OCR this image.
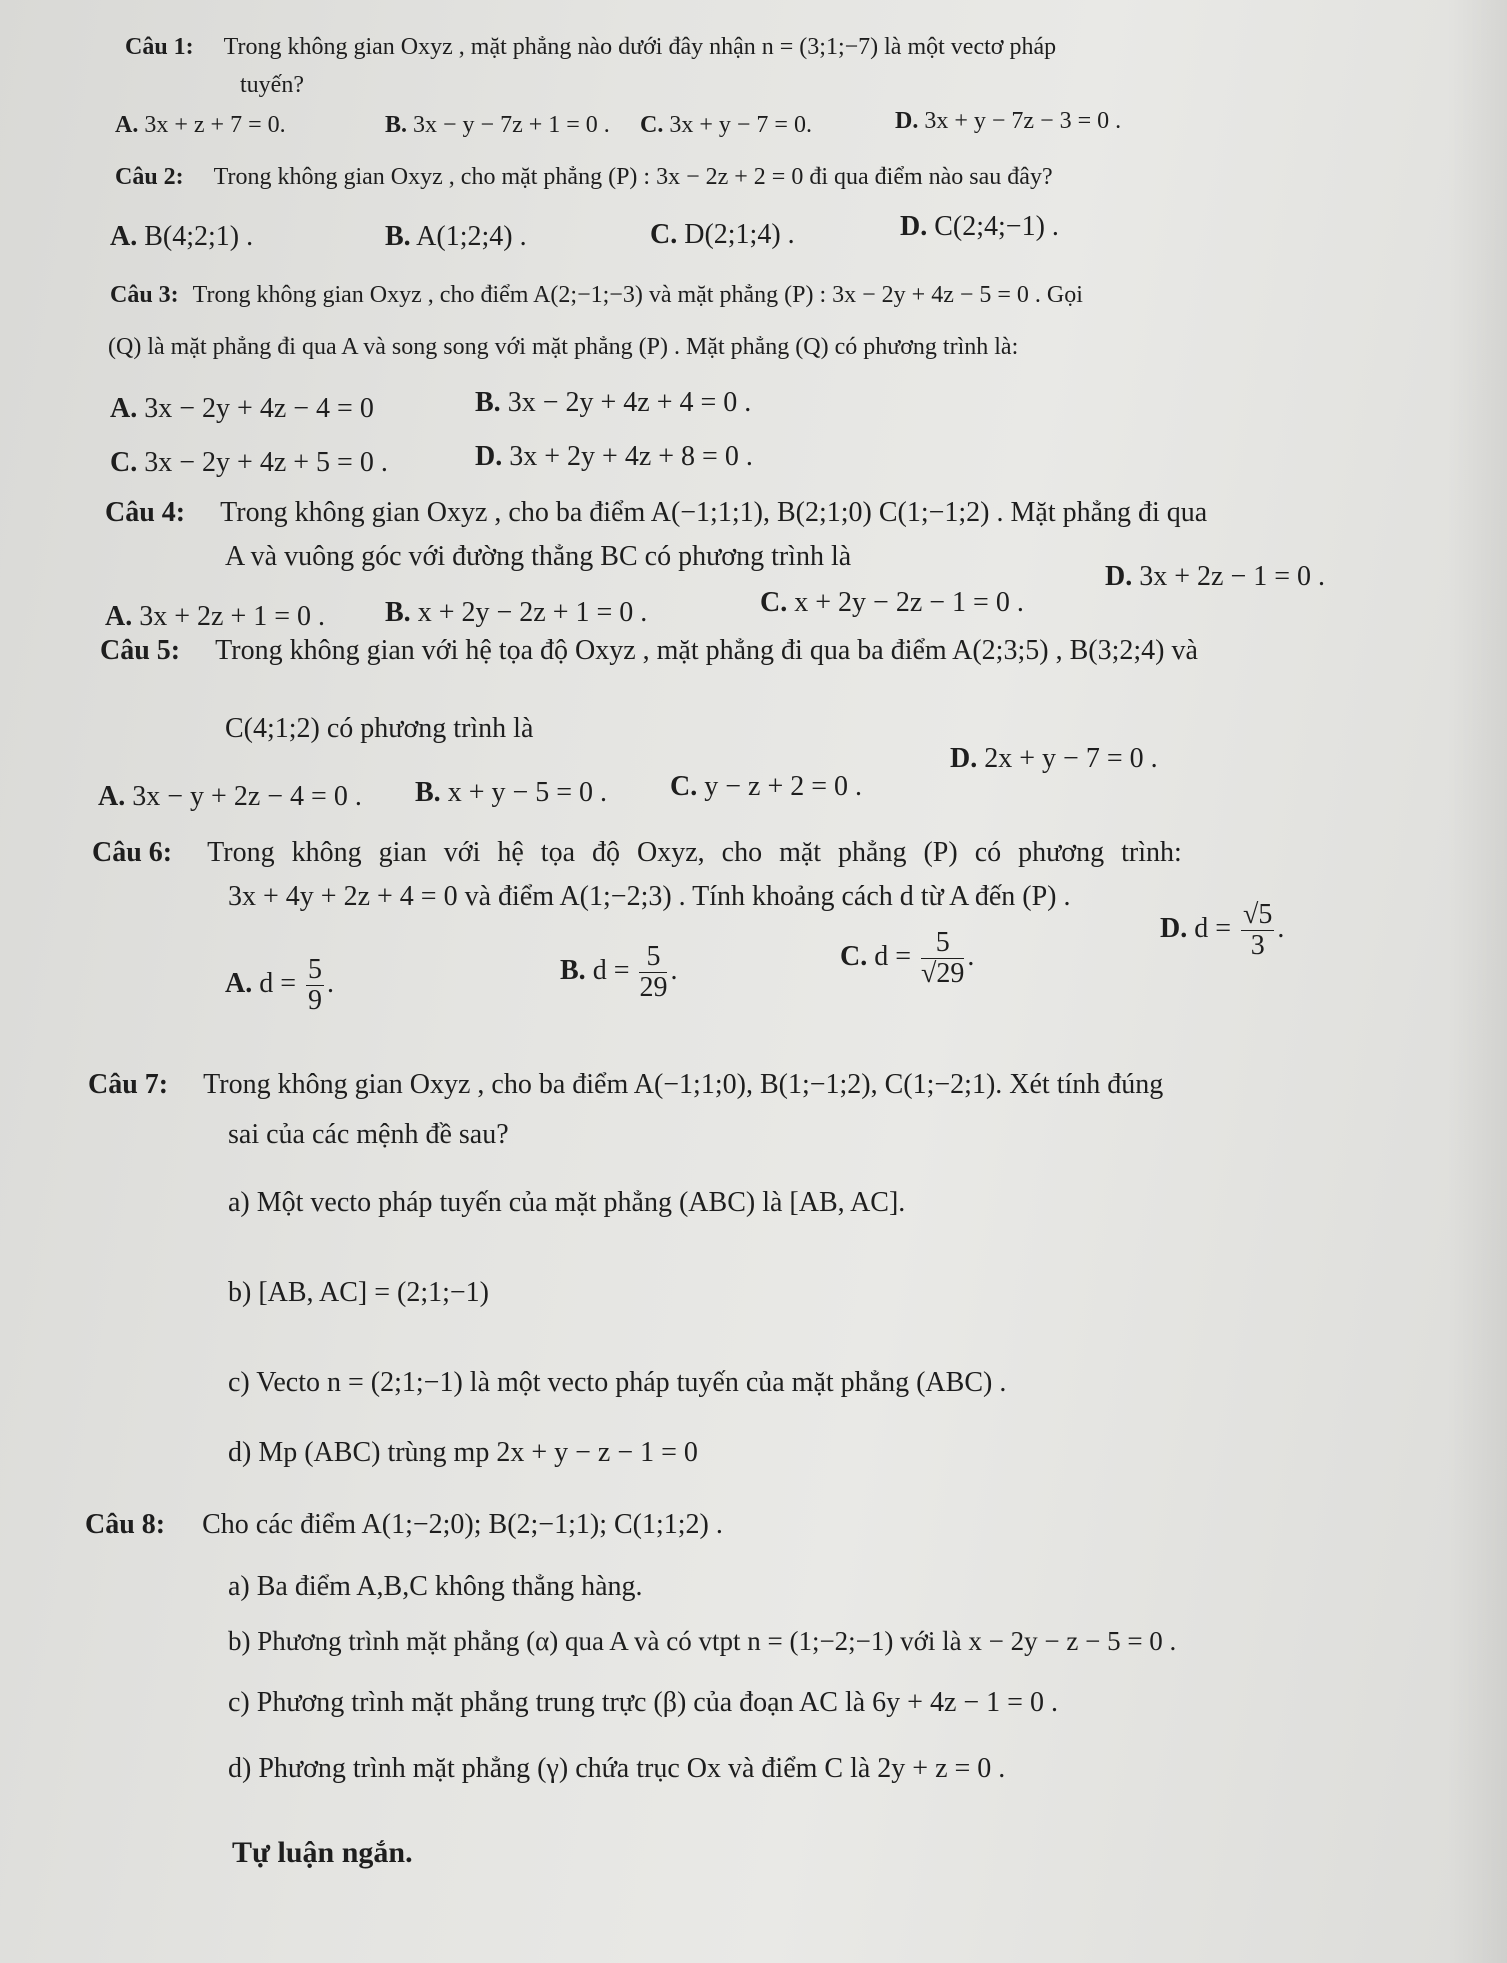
Câu 1: Trong không gian Oxyz , mặt phẳng nào dưới đây nhận n = (3;1;−7) là một vectơ pháp
tuyến?
A. 3x + z + 7 = 0.	B. 3x − y − 7z + 1 = 0 . C. 3x + y − 7 = 0.	D. 3x + y − 7z − 3 = 0 .
Câu 2: Trong không gian Oxyz , cho mặt phẳng (P) : 3x − 2z + 2 = 0 đi qua điểm nào sau đây?
A. B(4;2;1) .	B. A(1;2;4) .	C. D(2;1;4) .	D. C(2;4;−1) .
Câu 3: Trong không gian Oxyz , cho điểm A(2;−1;−3) và mặt phẳng (P) : 3x − 2y + 4z − 5 = 0 . Gọi
(Q) là mặt phẳng đi qua A và song song với mặt phẳng (P) . Mặt phẳng (Q) có phương trình là:
A. 3x − 2y + 4z − 4 = 0	B. 3x − 2y + 4z + 4 = 0 .
C. 3x − 2y + 4z + 5 = 0 .	D. 3x + 2y + 4z + 8 = 0 .
Câu 4: Trong không gian Oxyz , cho ba điểm A(−1;1;1), B(2;1;0) C(1;−1;2) . Mặt phẳng đi qua
A và vuông góc với đường thẳng BC có phương trình là
A. 3x + 2z + 1 = 0 . B. x + 2y − 2z + 1 = 0 .	C. x + 2y − 2z − 1 = 0 .
D. 3x + 2z − 1 = 0 .
Câu 5: Trong không gian với hệ tọa độ Oxyz , mặt phẳng đi qua ba điểm A(2;3;5) , B(3;2;4) và
C(4;1;2) có phương trình là
A. 3x − y + 2z − 4 = 0 . B. x + y − 5 = 0 . C. y − z + 2 = 0 .
D. 2x + y − 7 = 0 .
Câu 6: Trong không gian với hệ tọa độ Oxyz, cho mặt phẳng (P) có phương trình:
3x + 4y + 2z + 4 = 0 và điểm A(1;−2;3) . Tính khoảng cách d từ A đến (P) .
A. $d = \frac{5}{9}$ .	B. $d = \frac{5}{29}$ .	C. $d = \frac{5}{√29}$ .
D. $d = \frac{√5}{3}$ .
Câu 7: Trong không gian Oxyz , cho ba điểm A(−1;1;0), B(1;−1;2), C(1;−2;1). Xét tính đúng
sai của các mệnh đề sau?
a) Một vecto pháp tuyến của mặt phẳng (ABC) là [AB, AC].
b) [AB, AC] = (2;1;−1)
c) Vecto n = (2;1;−1) là một vecto pháp tuyến của mặt phẳng (ABC) .
d) Mp (ABC) trùng mp 2x + y − z − 1 = 0
Câu 8: Cho các điểm A(1;−2;0); B(2;−1;1); C(1;1;2) .
a) Ba điểm A,B,C không thẳng hàng.
b) Phương trình mặt phẳng (α) qua A và có vtpt n = (1;−2;−1) với là x − 2y − z − 5 = 0 .
c) Phương trình mặt phẳng trung trực (β) của đoạn AC là 6y + 4z − 1 = 0 .
d) Phương trình mặt phẳng (γ) chứa trục Ox và điểm C là 2y + z = 0 .
Tự luận ngắn.
